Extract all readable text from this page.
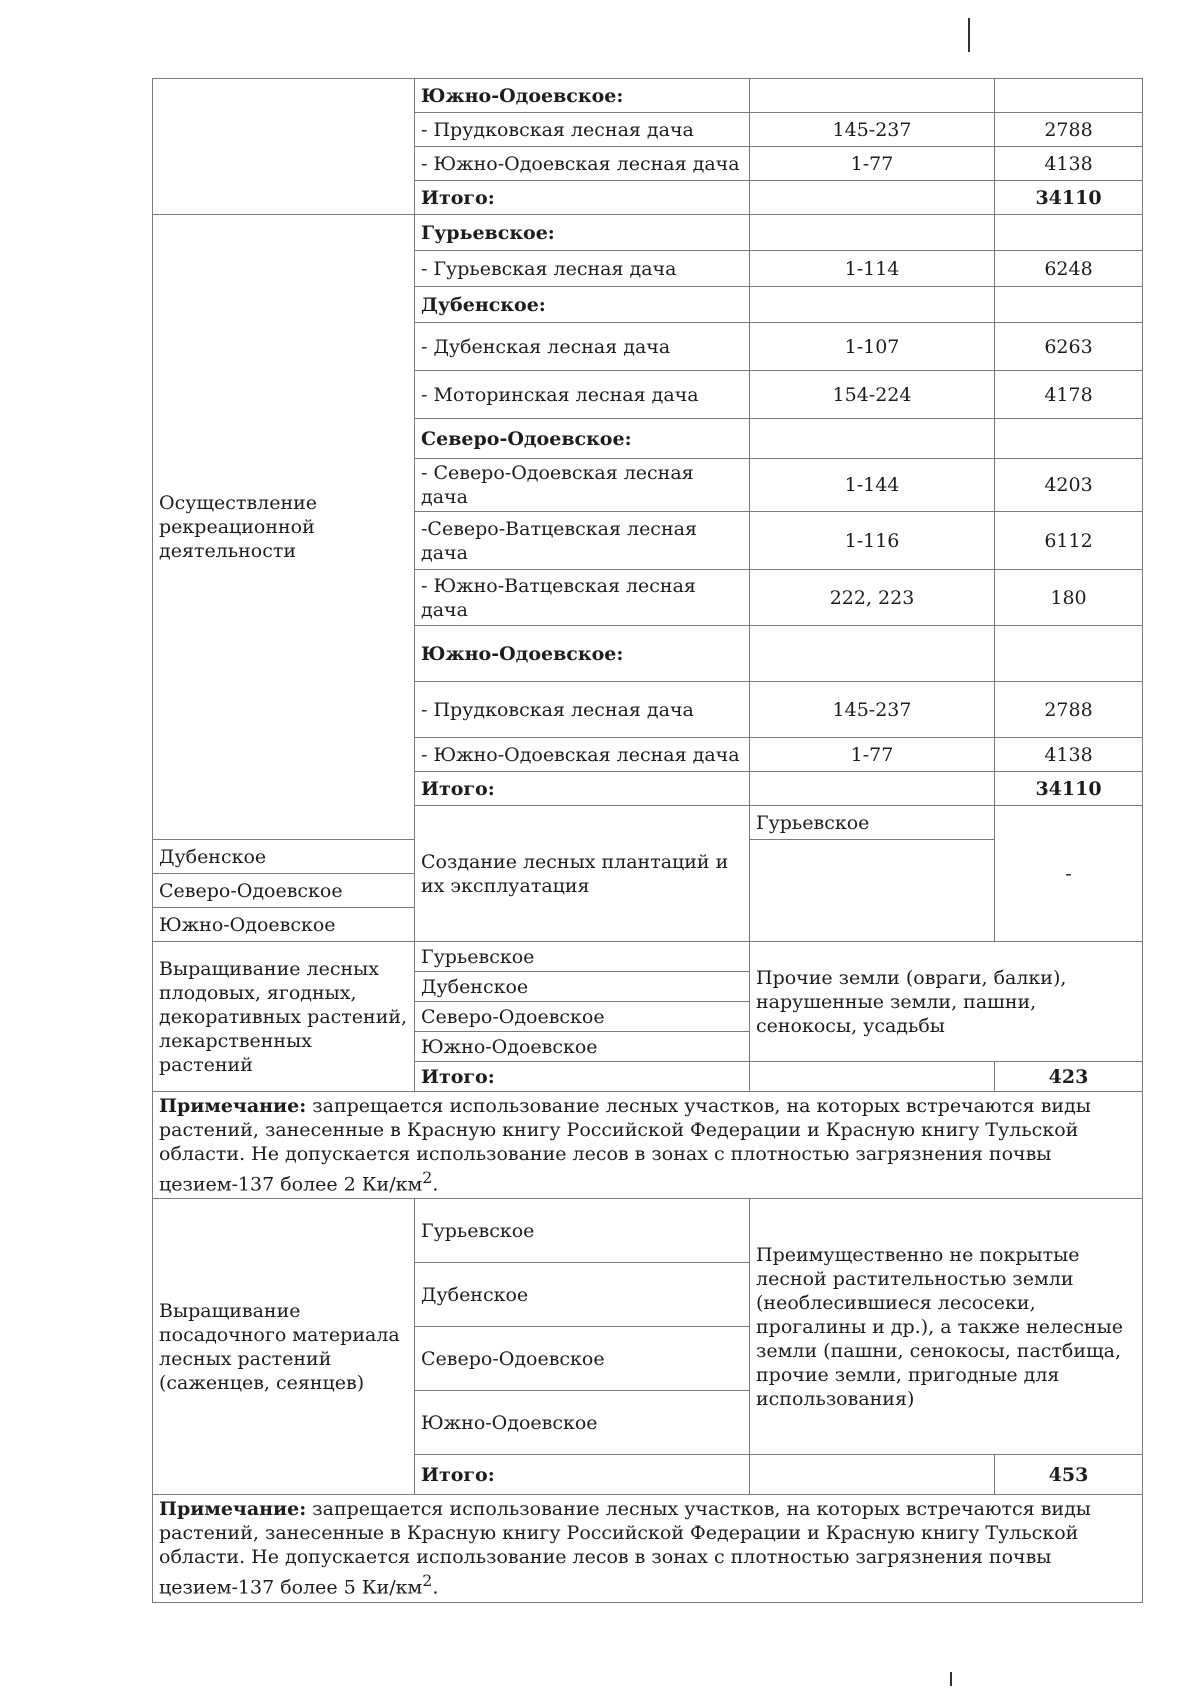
	Южно-Одоевское:		
	- Прудковская лесная дача	145-237	2788
	- Южно-Одоевская лесная дача	1-77	4138
	Итого:		34110
Осуществление рекреационной деятельности	Гурьевское:		
	- Гурьевская лесная дача	1-114	6248
	Дубенское:		
	- Дубенская лесная дача	1-107	6263
	- Моторинская лесная дача	154-224	4178
	Северо-Одоевское:		
	- Северо-Одоевская лесная дача	1-144	4203
	-Северо-Ватцевская лесная дача	1-116	6112
	- Южно-Ватцевская лесная дача	222, 223	180
	Южно-Одоевское:		
	- Прудковская лесная дача	145-237	2788
	- Южно-Одоевская лесная дача	1-77	4138
	Итого:		34110
	Создание лесных плантаций и их эксплуатация	Гурьевское	-
Дубенское			
Северо-Одоевское			
Южно-Одоевское			
Выращивание лесных плодовых, ягодных, декоративных растений, лекарственных растений	Гурьевское	Прочие земли (овраги, балки), нарушенные земли, пашни, сенокосы, усадьбы	
	Дубенское		
	Северо-Одоевское		
	Южно-Одоевское		
	Итого:		423
Примечание: запрещается использование лесных участков, на которых встречаются виды растений, занесенные в Красную книгу Российской Федерации и Красную книгу Тульской области. Не допускается использование лесов в зонах с плотностью загрязнения почвы цезием-137 более 2 $Ки/км^2$.			
Выращивание посадочного материала лесных растений (саженцев, сеянцев)	Гурьевское	Преимущественно не покрытые лесной растительностью земли (необлесившиеся лесосеки, прогалины и др.), а также нелесные земли (пашни, сенокосы, пастбища, прочие земли, пригодные для использования)	
	Дубенское		
	Северо-Одоевское		
	Южно-Одоевское		
	Итого:		453
Примечание: запрещается использование лесных участков, на которых встречаются виды растений, занесенные в Красную книгу Российской Федерации и Красную книгу Тульской области. Не допускается использование лесов в зонах с плотностью загрязнения почвы цезием-137 более 5 $Ки/км^2$.			
